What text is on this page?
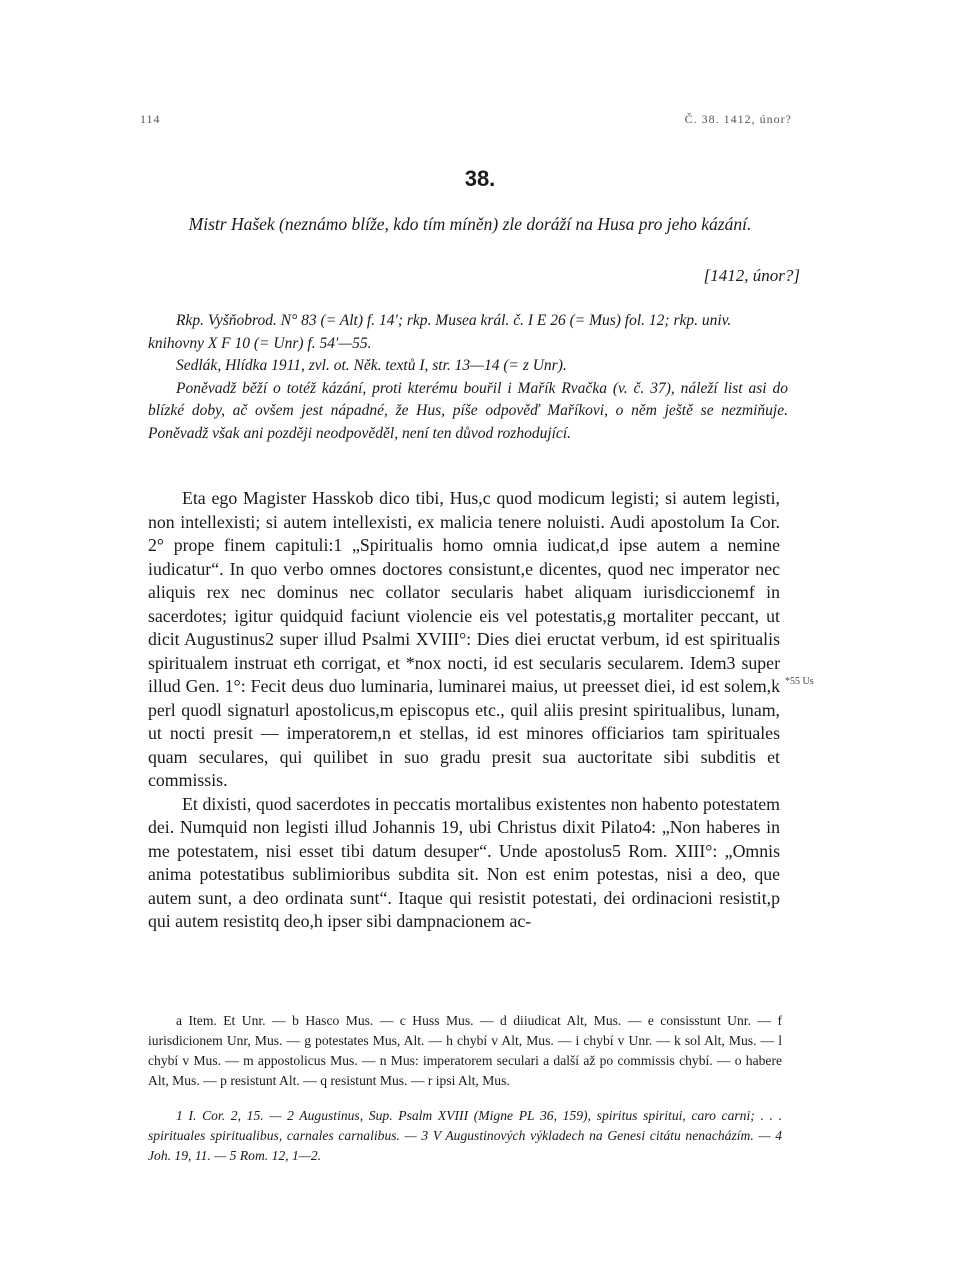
114	Č. 38. 1412, únor?
38.
Mistr Hašek (neznámo blíže, kdo tím míněn) zle doráží na Husa pro jeho kázání.
[1412, únor?]

Rkp. Vyšňobrod. N° 83 (= Alt) f. 14′; rkp. Musea král. č. I E 26 (= Mus) fol. 12; rkp. univ. knihovny X F 10 (= Unr) f. 54′—55.

Sedlák, Hlídka 1911, zvl. ot. Něk. textů I, str. 13—14 (= z Unr).

Poněvadž běží o totéž kázání, proti kterému bouřil i Mařík Rvačka (v. č. 37), náleží list asi do blízké doby, ač ovšem jest nápadné, že Hus, píše odpověď Maříkovi, o něm ještě se nezmiňuje. Poněvadž však ani později neodpověděl, není ten důvod rozhodující.

Eta ego Magister Hasskob dico tibi, Hus,c quod modicum legisti; si autem legisti, non intellexisti; si autem intellexisti, ex malicia tenere noluisti. Audi apostolum Ia Cor. 2° prope finem capituli:1 „Spiritualis homo omnia iudicat,d ipse autem a nemine iudicatur“. In quo verbo omnes doctores consistunt,e dicentes, quod nec imperator nec aliquis rex nec dominus nec collator secularis habet aliquam iurisdiccionemf in sacerdotes; igitur quidquid faciunt violencie eis vel potestatis,g mortaliter peccant, ut dicit Augustinus2 super illud Psalmi XVIII°: Dies diei eructat verbum, id est spiritualis spiritualem instruat eth corrigat, et *nox nocti, id est secularis secularem. Idem3 super illud Gen. 1°: Fecit deus duo luminaria, luminarei maius, ut preesset diei, id est solem,k perl quodl signaturl apostolicus,m episcopus etc., quil aliis presint spiritualibus, lunam, ut nocti presit — imperatorem,n et stellas, id est minores officiarios tam spirituales quam seculares, qui quilibet in suo gradu presit sua auctoritate sibi subditis et commissis.

Et dixisti, quod sacerdotes in peccatis mortalibus existentes non habento potestatem dei. Numquid non legisti illud Johannis 19, ubi Christus dixit Pilato4: „Non haberes in me potestatem, nisi esset tibi datum desuper“. Unde apostolus5 Rom. XIII°: „Omnis anima potestatibus sublimioribus subdita sit. Non est enim potestas, nisi a deo, que autem sunt, a deo ordinata sunt“. Itaque qui resistit potestati, dei ordinacioni resistit,p qui autem resistitq deo,h ipser sibi dampnacionem ac-

*55 Us

a Item. Et Unr. — b Hasco Mus. — c Huss Mus. — d diiudicat Alt, Mus. — e consisstunt Unr. — f iurisdicionem Unr, Mus. — g potestates Mus, Alt. — h chybí v Alt, Mus. — i chybí v Unr. — k sol Alt, Mus. — l chybí v Mus. — m appostolicus Mus. — n Mus: imperatorem seculari a další až po commissis chybí. — o habere Alt, Mus. — p resistunt Alt. — q resistunt Mus. — r ipsi Alt, Mus.

1 I. Cor. 2, 15. — 2 Augustinus, Sup. Psalm XVIII (Migne PL 36, 159), spiritus spiritui, caro carni; . . . spirituales spiritualibus, carnales carnalibus. — 3 V Augustinových výkladech na Genesi citátu nenacházím. — 4 Joh. 19, 11. — 5 Rom. 12, 1—2.
